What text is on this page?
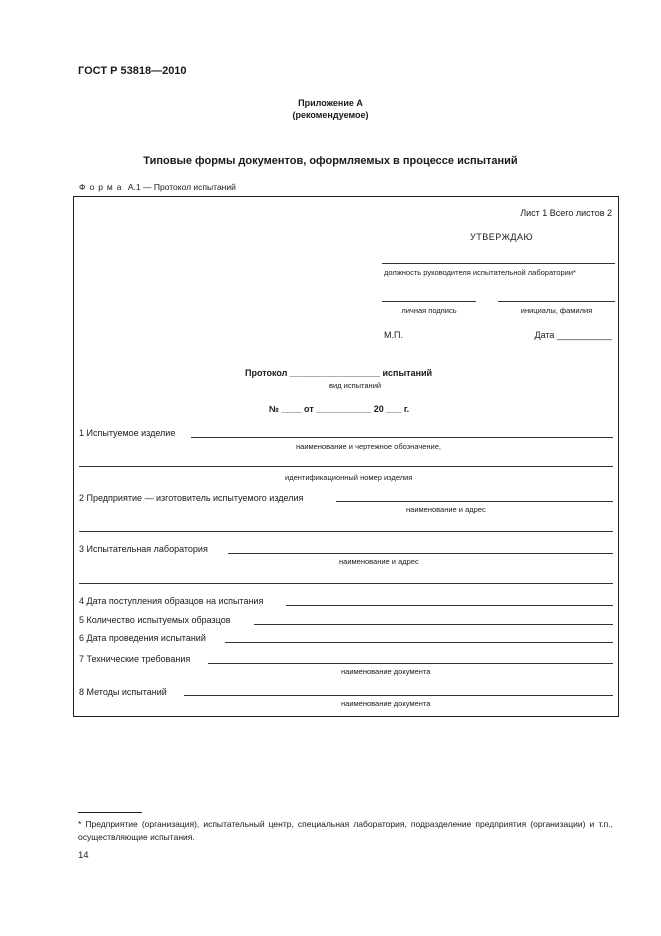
ГОСТ Р 53818—2010
Приложение А
(рекомендуемое)
Типовые формы документов, оформляемых в процессе испытаний
Форма А.1 — Протокол испытаний
Лист 1 Всего листов 2
УТВЕРЖДАЮ
должность руководителя испытательной лаборатории*
личная подпись	инициалы, фамилия
М.П.	Дата ___________
Протокол __________________ испытаний
вид испытаний
№ ____ от ___________ 20 ___ г.
1 Испытуемое изделие
наименование и чертежное обозначение,
идентификационный номер изделия
2 Предприятие — изготовитель испытуемого изделия
наименование и адрес
3 Испытательная лаборатория
наименование и адрес
4 Дата поступления образцов на испытания
5 Количество испытуемых образцов
6 Дата проведения испытаний
7 Технические требования
наименование документа
8 Методы испытаний
наименование документа
* Предприятие (организация), испытательный центр, специальная лаборатория, подразделение предприятия (организации) и т.п., осуществляющие испытания.
14
